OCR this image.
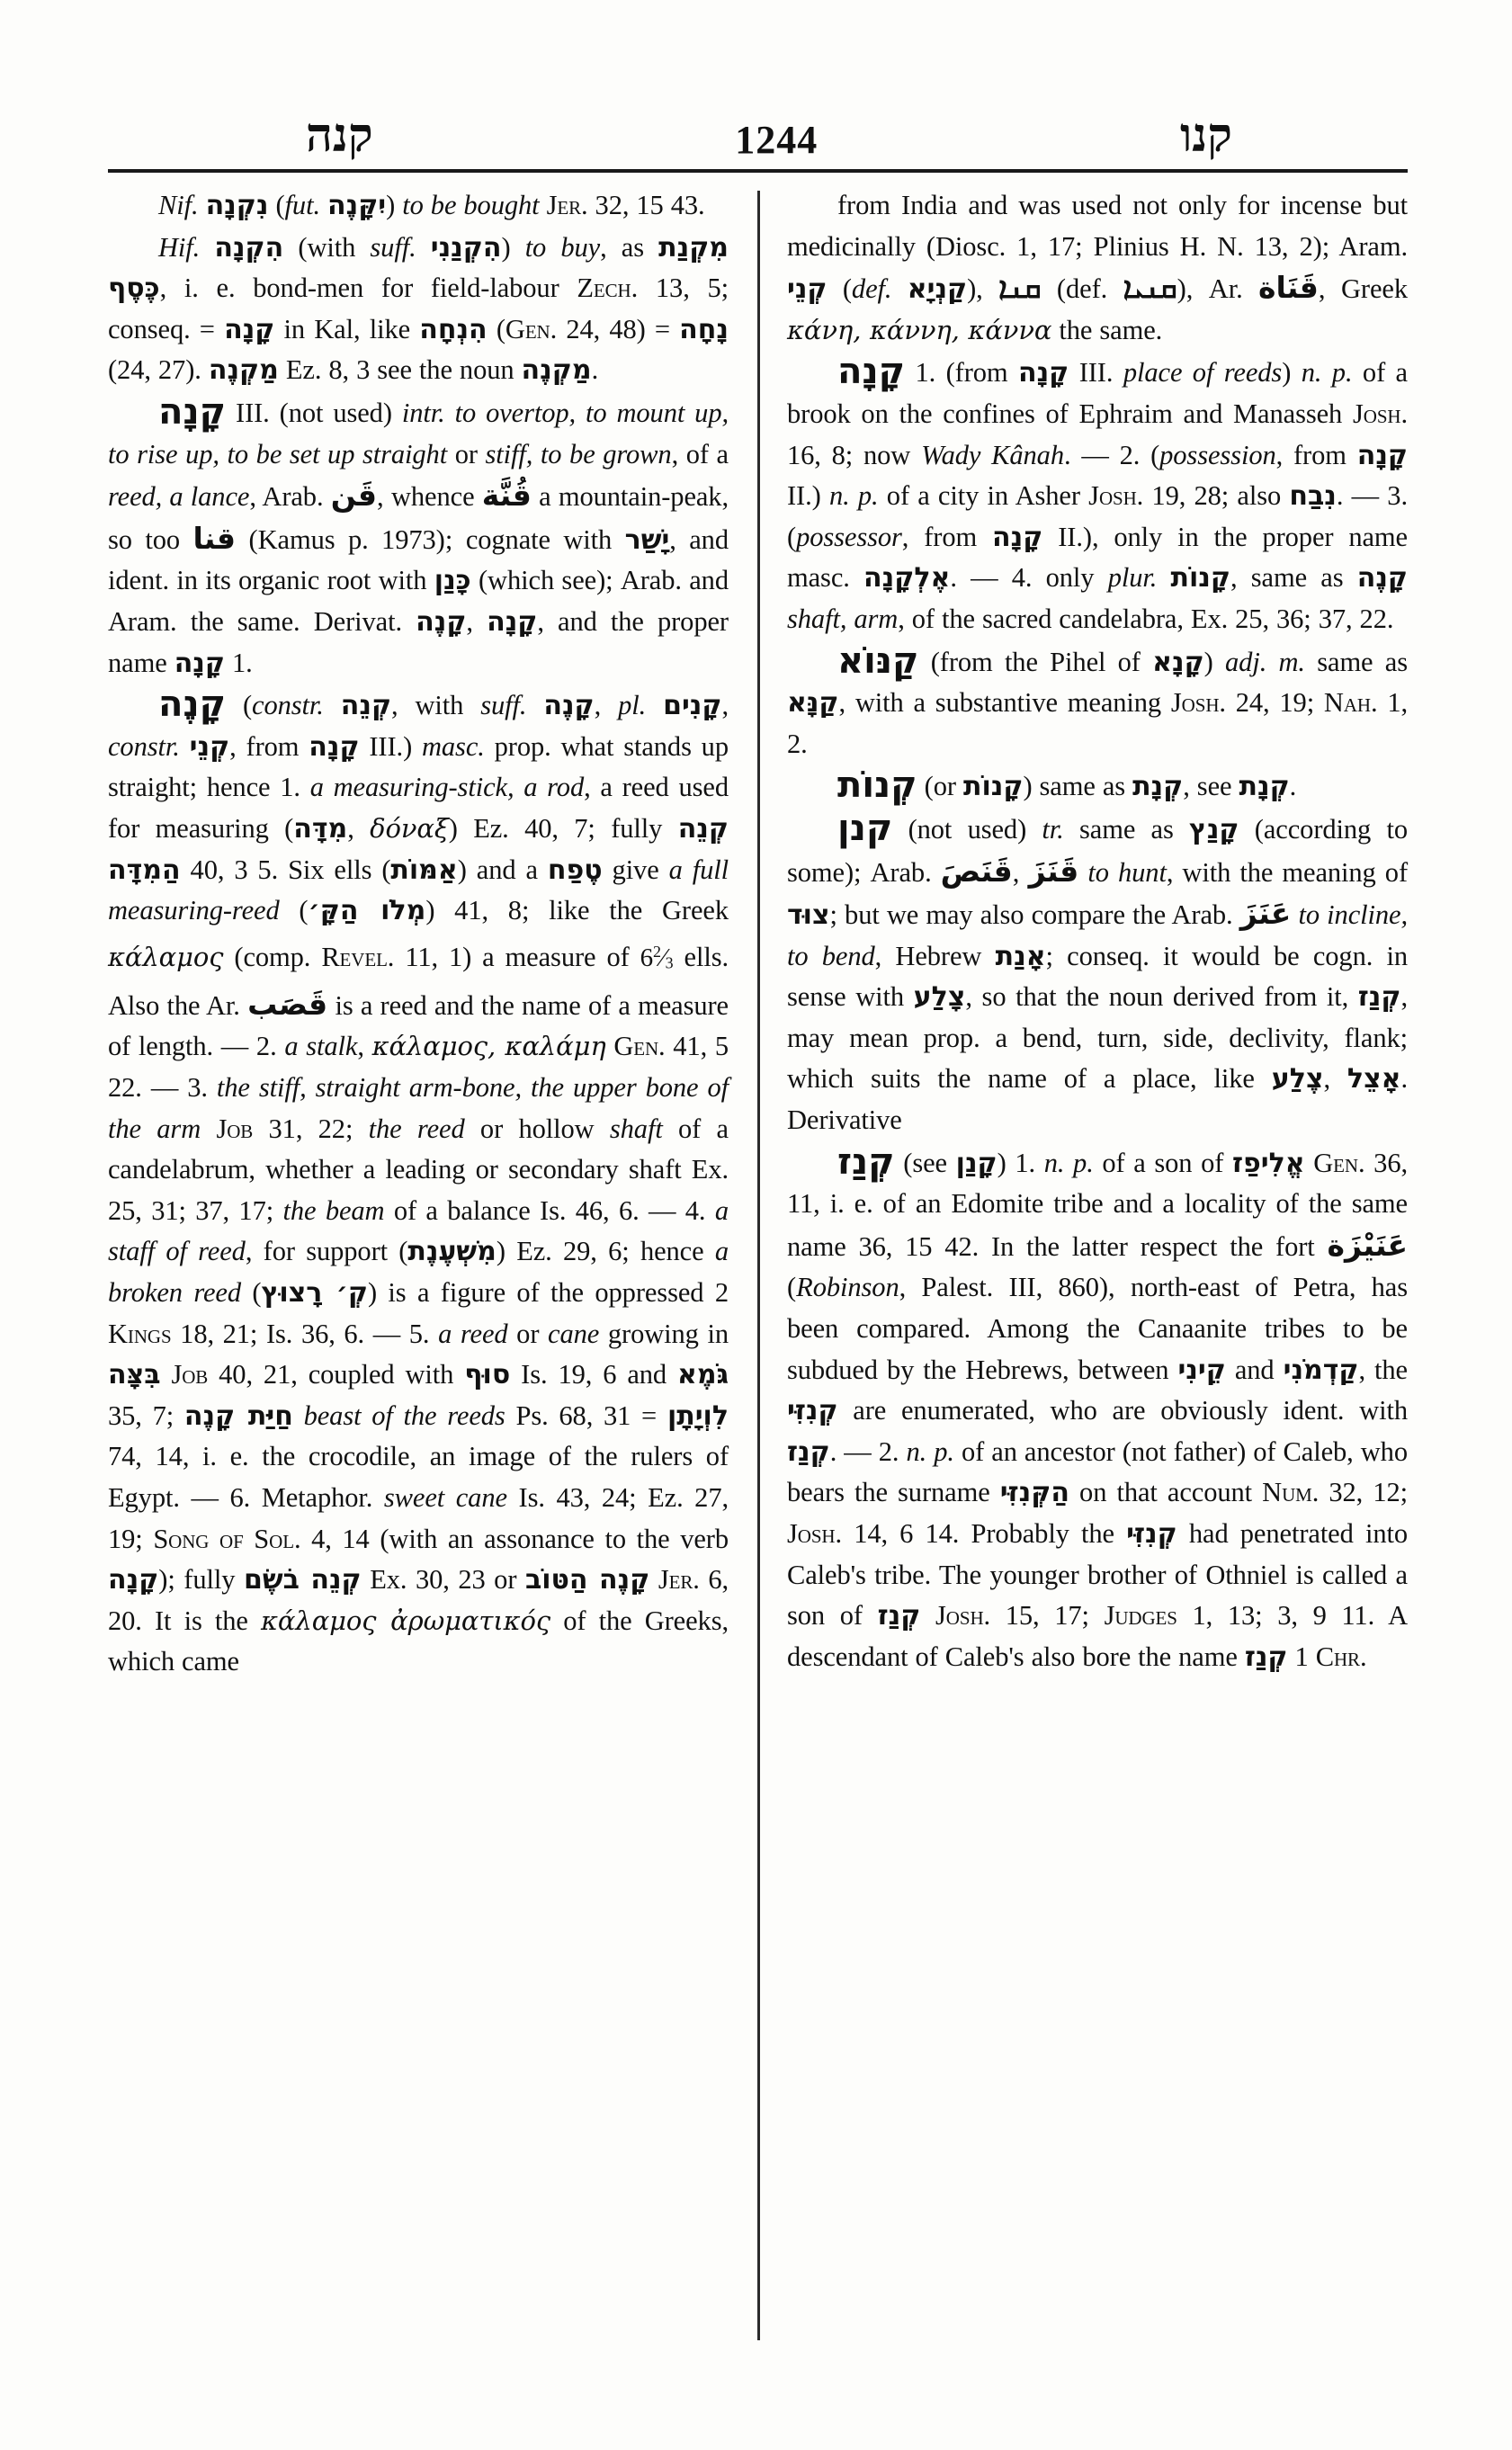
קנה	1244	קנו

Nif. נִקְנָה (fut. יִקָּנֶה) to be bought Jer. 32, 15 43.

Hif. הִקְנָה (with suff. הִקְנַנִי) to buy, as מִקְנַת כֶּסֶף, i. e. bond-men for field-labour Zech. 13, 5; conseq. = קָנָה in Kal, like הִנְחָה (Gen. 24, 48) = נָחָה (24, 27). מַקְנֶה Ez. 8, 3 see the noun מַקְנֶה.

קָנָה III. (not used) intr. to overtop, to mount up, to rise up, to be set up straight or stiff, to be grown, of a reed, a lance, Arab. قَن, whence قُنَّة a mountain-peak, so too قنا (Kamus p. 1973); cognate with יָשַׁר, and ident. in its organic root with כָּנַן (which see); Arab. and Aram. the same. Derivat. קָנֶה, קָנָה, and the proper name קָנָה 1.

קָנֶה (constr. קְנֵה, with suff. קָנֶה, pl. קָנִים, constr. קְנֵי, from קָנָה III.) masc. prop. what stands up straight; hence 1. a measuring-stick, a rod, a reed used for measuring (מִדָּה, δόναξ) Ez. 40, 7; fully קְנֵה הַמִדָּה 40, 3 5. Six ells (אַמּוֹת) and a טֶפַח give a full measuring-reed (מְלֹו הַקָּ׳) 41, 8; like the Greek κάλαμος (comp. Revel. 11, 1) a measure of $6^2⁄_3$ ells. Also the Ar. قَصَب is a reed and the name of a measure of length. — 2. a stalk, κάλαμος, καλάμη Gen. 41, 5 22. — 3. the stiff, straight arm-bone, the upper bone of the arm Job 31, 22; the reed or hollow shaft of a candelabrum, whether a leading or secondary shaft Ex. 25, 31; 37, 17; the beam of a balance Is. 46, 6. — 4. a staff of reed, for support (מִשְׁעֶנֶת) Ez. 29, 6; hence a broken reed (קְ׳ רָצוּץ) is a figure of the oppressed 2 Kings 18, 21; Is. 36, 6. — 5. a reed or cane growing in בִּצָּה Job 40, 21, coupled with סוּף Is. 19, 6 and גֹּמֶא 35, 7; חַיַּת קָנֶה beast of the reeds Ps. 68, 31 = לִוְיָתָן 74, 14, i. e. the crocodile, an image of the rulers of Egypt. — 6. Metaphor. sweet cane Is. 43, 24; Ez. 27, 19; Song of Sol. 4, 14 (with an assonance to the verb קָנָה); fully קְנֵה בֹשֶׂם Ex. 30, 23 or קָנֶה הַטּוֹב Jer. 6, 20. It is the κάλαμος ἀρωματικός of the Greeks, which came

from India and was used not only for incense but medicinally (Diosc. 1, 17; Plinius H. N. 13, 2); Aram. קְנֵי (def. קַנְיָא), ܩܢܐ (def. ܩܢܝܐ), Ar. قَنَاة, Greek κάνη, κάννη, κάννα the same.

קָנָה 1. (from קָנָה III. place of reeds) n. p. of a brook on the confines of Ephraim and Manasseh Josh. 16, 8; now Wady Kânah. — 2. (possession, from קָנָה II.) n. p. of a city in Asher Josh. 19, 28; also נִבַח. — 3. (possessor, from קָנָה II.), only in the proper name masc. אֶלְקָנָה. — 4. only plur. קָנוֹת, same as קָנֶה shaft, arm, of the sacred candelabra, Ex. 25, 36; 37, 22.

קַנּוֹא (from the Pihel of קָנָא) adj. m. same as קַנָּא, with a substantive meaning Josh. 24, 19; Nah. 1, 2.

קְנוֹת (or קָנוֹת) same as קְנָת, see קְנָת.

קנן (not used) tr. same as קָנַץ (according to some); Arab. قَنَصَ, قَنَزَ to hunt, with the meaning of צוּד; but we may also compare the Arab. عَنَزَ to incline, to bend, Hebrew אָנַת; conseq. it would be cogn. in sense with צָלַע, so that the noun derived from it, קְנַז, may mean prop. a bend, turn, side, declivity, flank; which suits the name of a place, like צֶלַע, אָצֵל. Derivative

קְנַז (see קָנַן) 1. n. p. of a son of אֱלִיפַז Gen. 36, 11, i. e. of an Edomite tribe and a locality of the same name 36, 15 42. In the latter respect the fort عَنَيْزَة (Robinson, Palest. III, 860), north-east of Petra, has been compared. Among the Canaanite tribes to be subdued by the Hebrews, between קֵינִי and קַדְמֹנִי, the קְנִזִּי are enumerated, who are obviously ident. with קְנַז. — 2. n. p. of an ancestor (not father) of Caleb, who bears the surname הַקְּנִזִּי on that account Num. 32, 12; Josh. 14, 6 14. Probably the קְנִזִּי had penetrated into Caleb's tribe. The younger brother of Othniel is called a son of קְנַז Josh. 15, 17; Judges 1, 13; 3, 9 11. A descendant of Caleb's also bore the name קְנַז 1 Chr.
